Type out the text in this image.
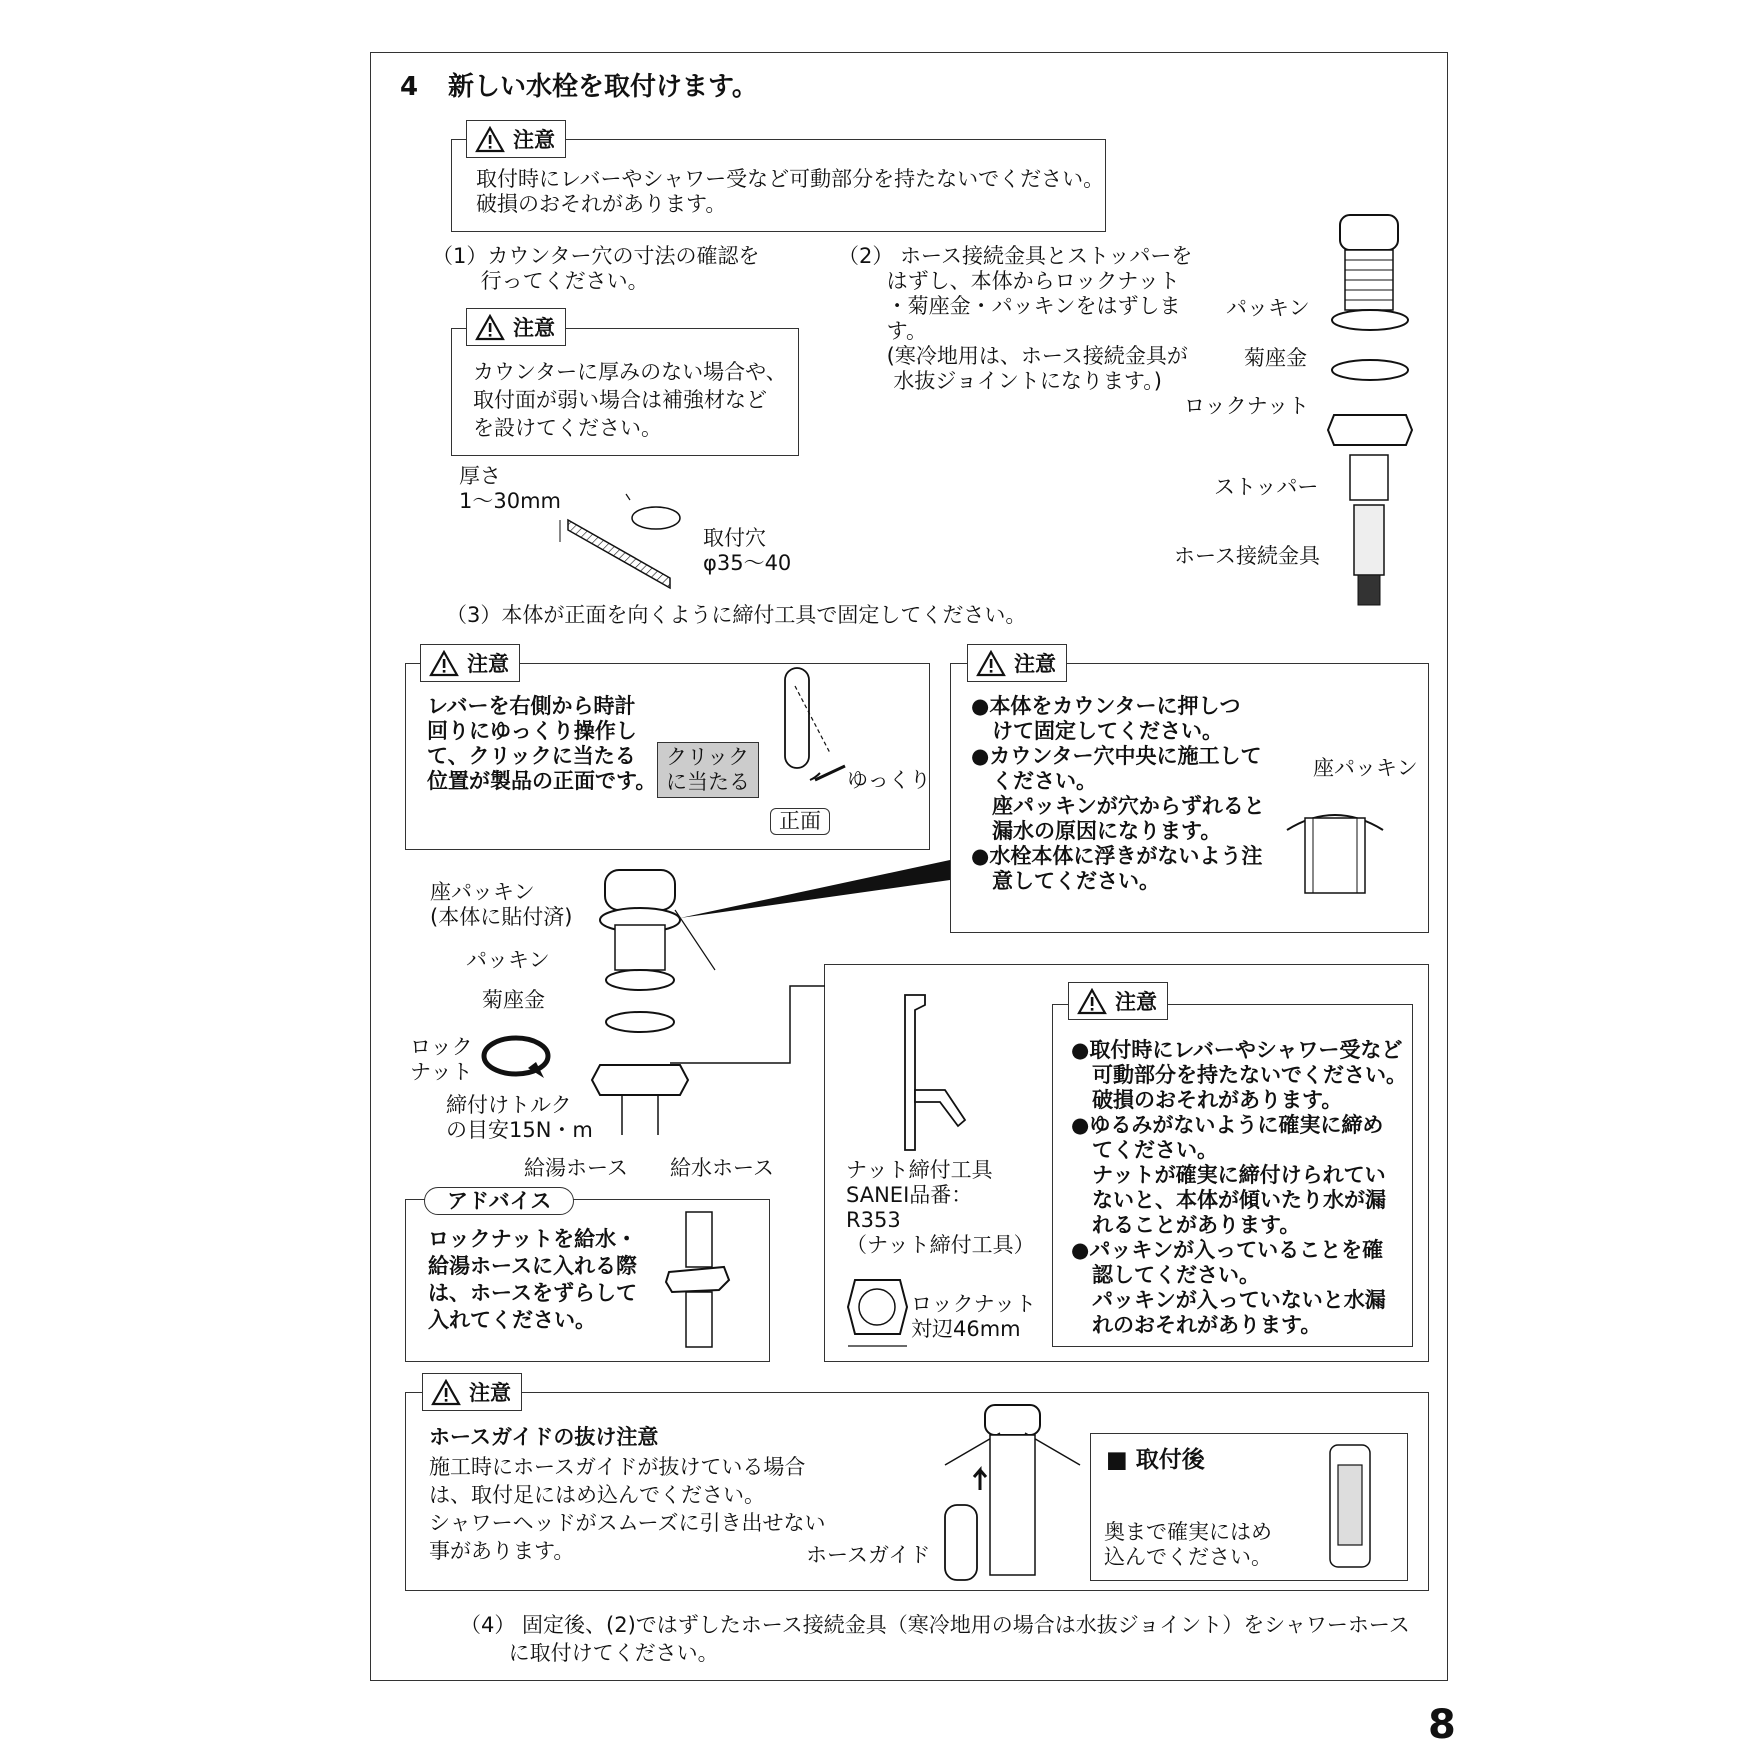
4 新しい水栓を取付けます。
注意
取付時にレバーやシャワー受など可動部分を持たないでください。
破損のおそれがあります。
（1）カウンター穴の寸法の確認を
　　 行ってください。
注意
カウンターに厚みのない場合や、
取付面が弱い場合は補強材など
を設けてください。
厚さ
1〜30mm
取付穴
φ35〜40
（2） ホース接続金具とストッパーを
　　 はずし、本体からロックナット
　　 ・菊座金・パッキンをはずしま
　　 す。
　　 (寒冷地用は、ホース接続金具が
　　  水抜ジョイントになります。)
パッキン
菊座金
ロックナット
ストッパー
ホース接続金具
（3）本体が正面を向くように締付工具で固定してください。
注意
レバーを右側から時計
回りにゆっくり操作し
て、クリックに当たる
位置が製品の正面です。
クリック
に当たる	ゆっくり
正面
注意
●本体をカウンターに押しつ
　けて固定してください。
●カウンター穴中央に施工して
　ください。
　座パッキンが穴からずれると
　漏水の原因になります。
●水栓本体に浮きがないよう注
　意してください。
座パッキン
座パッキン
(本体に貼付済)
パッキン
菊座金
ロック
ナット
締付けトルク
の目安15N・m
給湯ホース 給水ホース	ナット締付工具
SANEI品番：
R353
（ナット締付工具）
ロックナット
対辺46mm
注意
●取付時にレバーやシャワー受など
　可動部分を持たないでください。
　破損のおそれがあります。
●ゆるみがないように確実に締め
　てください。
　ナットが確実に締付けられてい
　ないと、本体が傾いたり水が漏
　れることがあります。
●パッキンが入っていることを確
　認してください。
　パッキンが入っていないと水漏
　れのおそれがあります。
アドバイス
ロックナットを給水・
給湯ホースに入れる際
は、ホースをずらして
入れてください。
注意
ホースガイドの抜け注意
施工時にホースガイドが抜けている場合
は、取付足にはめ込んでください。
シャワーヘッドがスムーズに引き出せない
事があります。	ホースガイド
■ 取付後
奥まで確実にはめ
込んでください。
（4） 固定後、(2)ではずしたホース接続金具（寒冷地用の場合は水抜ジョイント）をシャワーホース
　　 に取付けてください。
8
